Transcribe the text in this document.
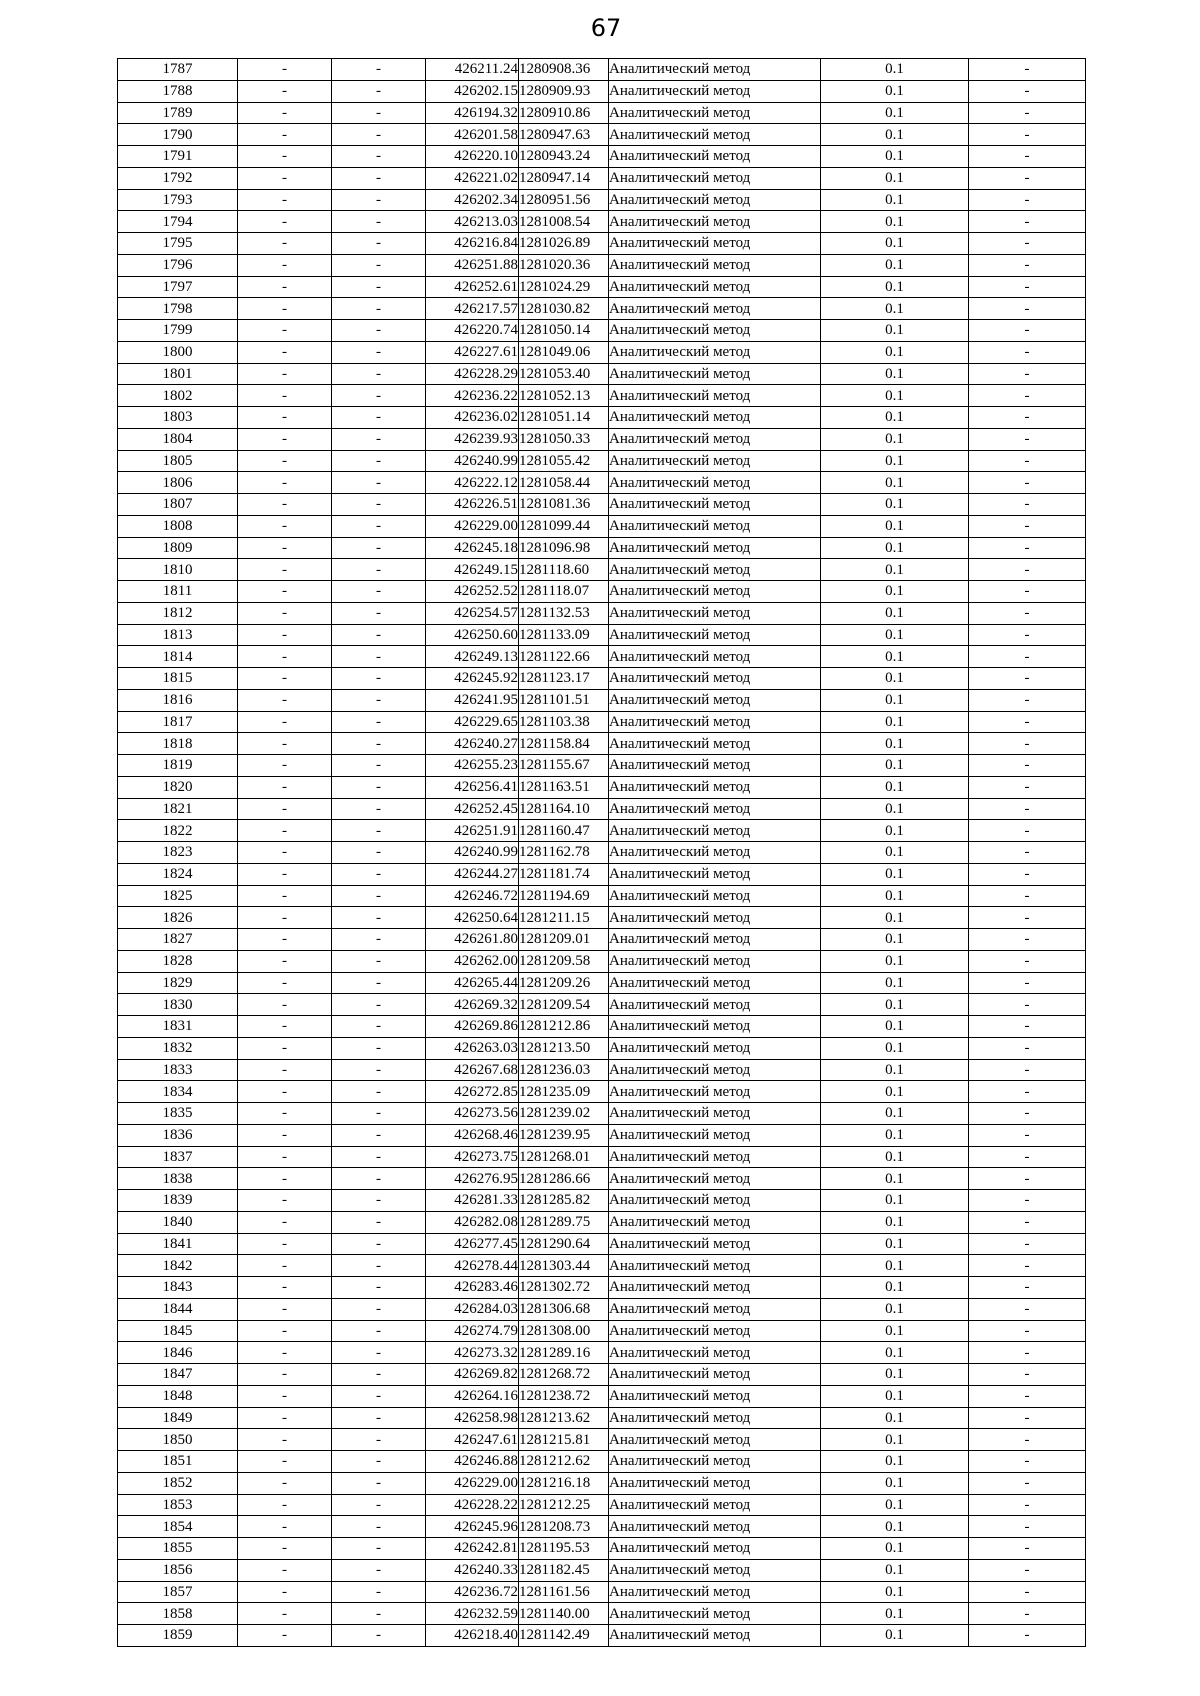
67
1787	-	-	426211.24	1280908.36	Аналитический метод	0.1	-
1788	-	-	426202.15	1280909.93	Аналитический метод	0.1	-
1789	-	-	426194.32	1280910.86	Аналитический метод	0.1	-
1790	-	-	426201.58	1280947.63	Аналитический метод	0.1	-
1791	-	-	426220.10	1280943.24	Аналитический метод	0.1	-
1792	-	-	426221.02	1280947.14	Аналитический метод	0.1	-
1793	-	-	426202.34	1280951.56	Аналитический метод	0.1	-
1794	-	-	426213.03	1281008.54	Аналитический метод	0.1	-
1795	-	-	426216.84	1281026.89	Аналитический метод	0.1	-
1796	-	-	426251.88	1281020.36	Аналитический метод	0.1	-
1797	-	-	426252.61	1281024.29	Аналитический метод	0.1	-
1798	-	-	426217.57	1281030.82	Аналитический метод	0.1	-
1799	-	-	426220.74	1281050.14	Аналитический метод	0.1	-
1800	-	-	426227.61	1281049.06	Аналитический метод	0.1	-
1801	-	-	426228.29	1281053.40	Аналитический метод	0.1	-
1802	-	-	426236.22	1281052.13	Аналитический метод	0.1	-
1803	-	-	426236.02	1281051.14	Аналитический метод	0.1	-
1804	-	-	426239.93	1281050.33	Аналитический метод	0.1	-
1805	-	-	426240.99	1281055.42	Аналитический метод	0.1	-
1806	-	-	426222.12	1281058.44	Аналитический метод	0.1	-
1807	-	-	426226.51	1281081.36	Аналитический метод	0.1	-
1808	-	-	426229.00	1281099.44	Аналитический метод	0.1	-
1809	-	-	426245.18	1281096.98	Аналитический метод	0.1	-
1810	-	-	426249.15	1281118.60	Аналитический метод	0.1	-
1811	-	-	426252.52	1281118.07	Аналитический метод	0.1	-
1812	-	-	426254.57	1281132.53	Аналитический метод	0.1	-
1813	-	-	426250.60	1281133.09	Аналитический метод	0.1	-
1814	-	-	426249.13	1281122.66	Аналитический метод	0.1	-
1815	-	-	426245.92	1281123.17	Аналитический метод	0.1	-
1816	-	-	426241.95	1281101.51	Аналитический метод	0.1	-
1817	-	-	426229.65	1281103.38	Аналитический метод	0.1	-
1818	-	-	426240.27	1281158.84	Аналитический метод	0.1	-
1819	-	-	426255.23	1281155.67	Аналитический метод	0.1	-
1820	-	-	426256.41	1281163.51	Аналитический метод	0.1	-
1821	-	-	426252.45	1281164.10	Аналитический метод	0.1	-
1822	-	-	426251.91	1281160.47	Аналитический метод	0.1	-
1823	-	-	426240.99	1281162.78	Аналитический метод	0.1	-
1824	-	-	426244.27	1281181.74	Аналитический метод	0.1	-
1825	-	-	426246.72	1281194.69	Аналитический метод	0.1	-
1826	-	-	426250.64	1281211.15	Аналитический метод	0.1	-
1827	-	-	426261.80	1281209.01	Аналитический метод	0.1	-
1828	-	-	426262.00	1281209.58	Аналитический метод	0.1	-
1829	-	-	426265.44	1281209.26	Аналитический метод	0.1	-
1830	-	-	426269.32	1281209.54	Аналитический метод	0.1	-
1831	-	-	426269.86	1281212.86	Аналитический метод	0.1	-
1832	-	-	426263.03	1281213.50	Аналитический метод	0.1	-
1833	-	-	426267.68	1281236.03	Аналитический метод	0.1	-
1834	-	-	426272.85	1281235.09	Аналитический метод	0.1	-
1835	-	-	426273.56	1281239.02	Аналитический метод	0.1	-
1836	-	-	426268.46	1281239.95	Аналитический метод	0.1	-
1837	-	-	426273.75	1281268.01	Аналитический метод	0.1	-
1838	-	-	426276.95	1281286.66	Аналитический метод	0.1	-
1839	-	-	426281.33	1281285.82	Аналитический метод	0.1	-
1840	-	-	426282.08	1281289.75	Аналитический метод	0.1	-
1841	-	-	426277.45	1281290.64	Аналитический метод	0.1	-
1842	-	-	426278.44	1281303.44	Аналитический метод	0.1	-
1843	-	-	426283.46	1281302.72	Аналитический метод	0.1	-
1844	-	-	426284.03	1281306.68	Аналитический метод	0.1	-
1845	-	-	426274.79	1281308.00	Аналитический метод	0.1	-
1846	-	-	426273.32	1281289.16	Аналитический метод	0.1	-
1847	-	-	426269.82	1281268.72	Аналитический метод	0.1	-
1848	-	-	426264.16	1281238.72	Аналитический метод	0.1	-
1849	-	-	426258.98	1281213.62	Аналитический метод	0.1	-
1850	-	-	426247.61	1281215.81	Аналитический метод	0.1	-
1851	-	-	426246.88	1281212.62	Аналитический метод	0.1	-
1852	-	-	426229.00	1281216.18	Аналитический метод	0.1	-
1853	-	-	426228.22	1281212.25	Аналитический метод	0.1	-
1854	-	-	426245.96	1281208.73	Аналитический метод	0.1	-
1855	-	-	426242.81	1281195.53	Аналитический метод	0.1	-
1856	-	-	426240.33	1281182.45	Аналитический метод	0.1	-
1857	-	-	426236.72	1281161.56	Аналитический метод	0.1	-
1858	-	-	426232.59	1281140.00	Аналитический метод	0.1	-
1859	-	-	426218.40	1281142.49	Аналитический метод	0.1	-
